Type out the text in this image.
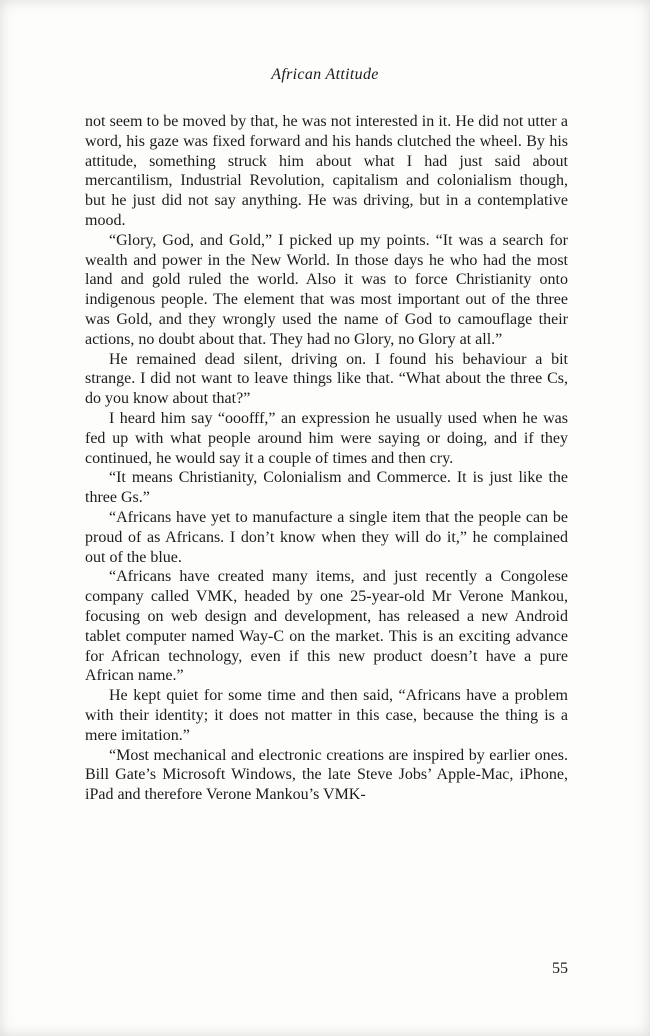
African Attitude

not seem to be moved by that, he was not interested in it. He did not utter a word, his gaze was fixed forward and his hands clutched the wheel. By his attitude, something struck him about what I had just said about mercantilism, Industrial Revolution, capitalism and colonialism though, but he just did not say anything. He was driving, but in a contemplative mood.

“Glory, God, and Gold,” I picked up my points. “It was a search for wealth and power in the New World. In those days he who had the most land and gold ruled the world. Also it was to force Christianity onto indigenous people. The element that was most important out of the three was Gold, and they wrongly used the name of God to camouflage their actions, no doubt about that. They had no Glory, no Glory at all.”

He remained dead silent, driving on. I found his behaviour a bit strange. I did not want to leave things like that. “What about the three Cs, do you know about that?”

I heard him say “ooofff,” an expression he usually used when he was fed up with what people around him were saying or doing, and if they continued, he would say it a couple of times and then cry.

“It means Christianity, Colonialism and Commerce. It is just like the three Gs.”

“Africans have yet to manufacture a single item that the people can be proud of as Africans. I don’t know when they will do it,” he complained out of the blue.

“Africans have created many items, and just recently a Congolese company called VMK, headed by one 25-year-old Mr Verone Mankou, focusing on web design and development, has released a new Android tablet computer named Way-C on the market. This is an exciting advance for African technology, even if this new product doesn’t have a pure African name.”

He kept quiet for some time and then said, “Africans have a problem with their identity; it does not matter in this case, because the thing is a mere imitation.”

“Most mechanical and electronic creations are inspired by earlier ones. Bill Gate’s Microsoft Windows, the late Steve Jobs’ Apple-Mac, iPhone, iPad and therefore Verone Mankou’s VMK-

55
